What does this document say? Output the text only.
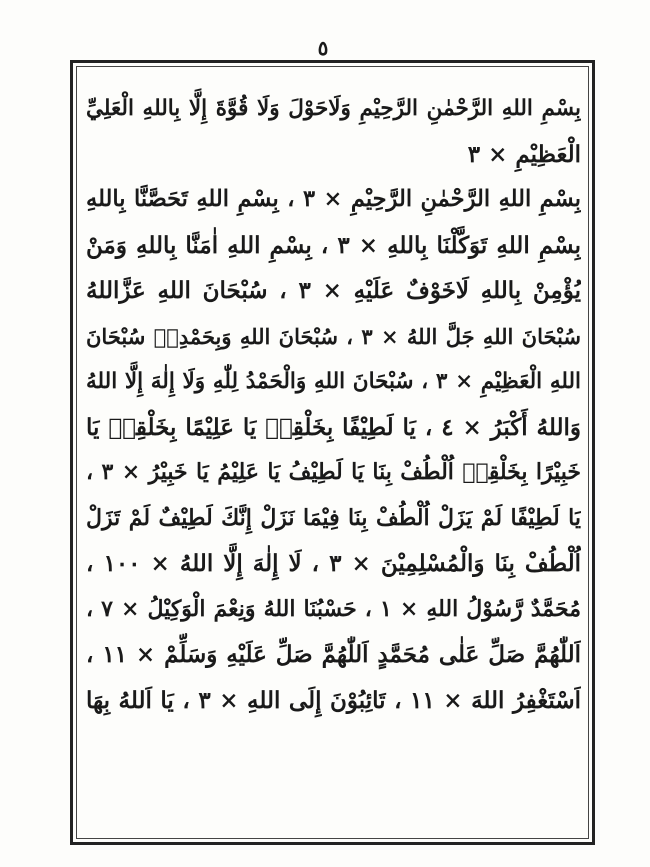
٥
بِسْمِ اللهِ الرَّحْمٰنِ الرَّحِيْمِ وَلَاحَوْلَ وَلَا قُوَّةَ إِلَّا بِاللهِ الْعَلِيِّ
الْعَظِيْمِ × ٣
بِسْمِ اللهِ الرَّحْمٰنِ الرَّحِيْمِ × ٣ ، بِسْمِ اللهِ تَحَصَّنَّا بِاللهِ
بِسْمِ اللهِ تَوَكَّلْنَا بِاللهِ × ٣ ، بِسْمِ اللهِ اٰمَنَّا بِاللهِ وَمَنْ
يُؤْمِنْ بِاللهِ لَاخَوْفٌ عَلَيْهِ × ٣ ، سُبْحَانَ اللهِ عَزَّاللهُ
سُبْحَانَ اللهِ جَلَّ اللهُ × ٣ ، سُبْحَانَ اللهِ وَبِحَمْدِهٖ سُبْحَانَ
اللهِ الْعَظِيْمِ × ٣ ، سُبْحَانَ اللهِ وَالْحَمْدُ لِلّٰهِ وَلَا إِلٰهَ إِلَّا اللهُ
وَاللهُ أَكْبَرُ × ٤ ، يَا لَطِيْفًا بِخَلْقِهٖ يَا عَلِيْمًا بِخَلْقِهٖ يَا
خَبِيْرًا بِخَلْقِهٖ اُلْطُفْ بِنَا يَا لَطِيْفُ يَا عَلِيْمُ يَا خَبِيْرُ × ٣ ،
يَا لَطِيْفًا لَمْ يَزَلْ اُلْطُفْ بِنَا فِيْمَا نَزَلْ إِنَّكَ لَطِيْفٌ لَمْ تَزَلْ
اُلْطُفْ بِنَا وَالْمُسْلِمِيْنَ × ٣ ، لَا إِلٰهَ إِلَّا اللهُ × ١٠٠ ،
مُحَمَّدٌ رَّسُوْلُ اللهِ × ١ ، حَسْبُنَا اللهُ وَنِعْمَ الْوَكِيْلُ × ٧ ،
اَللّٰهُمَّ صَلِّ عَلٰى مُحَمَّدٍ اَللّٰهُمَّ صَلِّ عَلَيْهِ وَسَلِّمْ × ١١ ،
اَسْتَغْفِرُ اللهَ × ١١ ، تَائِبُوْنَ إِلَى اللهِ × ٣ ، يَا اَللهُ بِهَا
